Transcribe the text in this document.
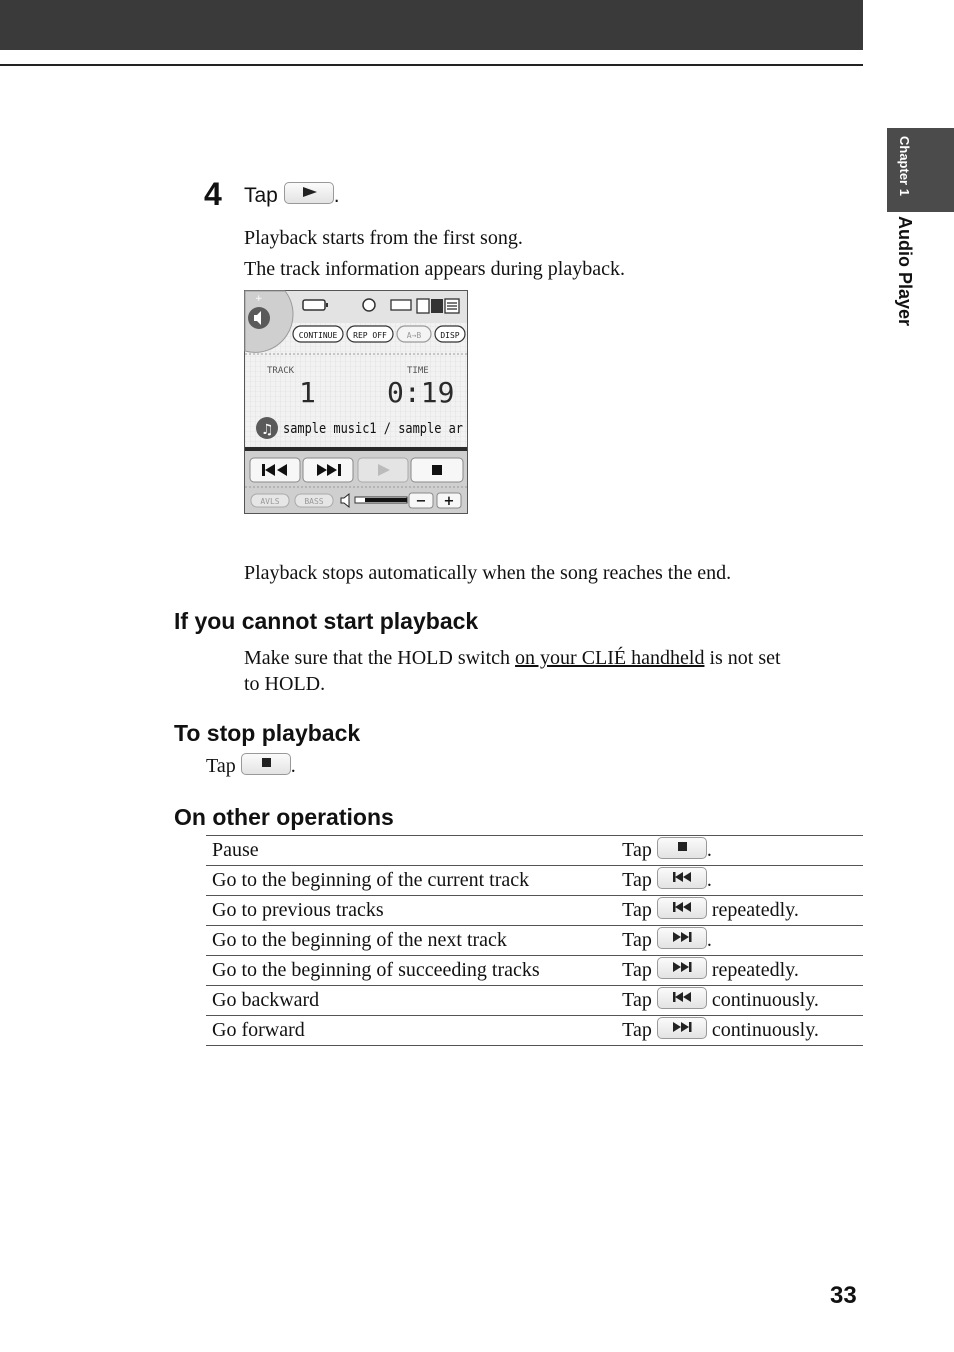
Chapter 1
Audio Player
4 Tap	.
Playback starts from the first song.
The track information appears during playback.
+
CONTINUE REP OFF A→B DISP
TRACK	TIME
1	0:19
♫ sample music1 / sample ar
AVLS	BASS	− +
Playback stops automatically when the song reaches the end.
If you cannot start playback
Make sure that the HOLD switch on your CLIÉ handheld is not set
to HOLD.
To stop playback
Tap	.
On other operations
Pause	Tap .
Go to the beginning of the current track	Tap .
Go to previous tracks	Tap repeatedly.
Go to the beginning of the next track	Tap .
Go to the beginning of succeeding tracks	Tap repeatedly.
Go backward	Tap continuously.
Go forward	Tap continuously.
33
